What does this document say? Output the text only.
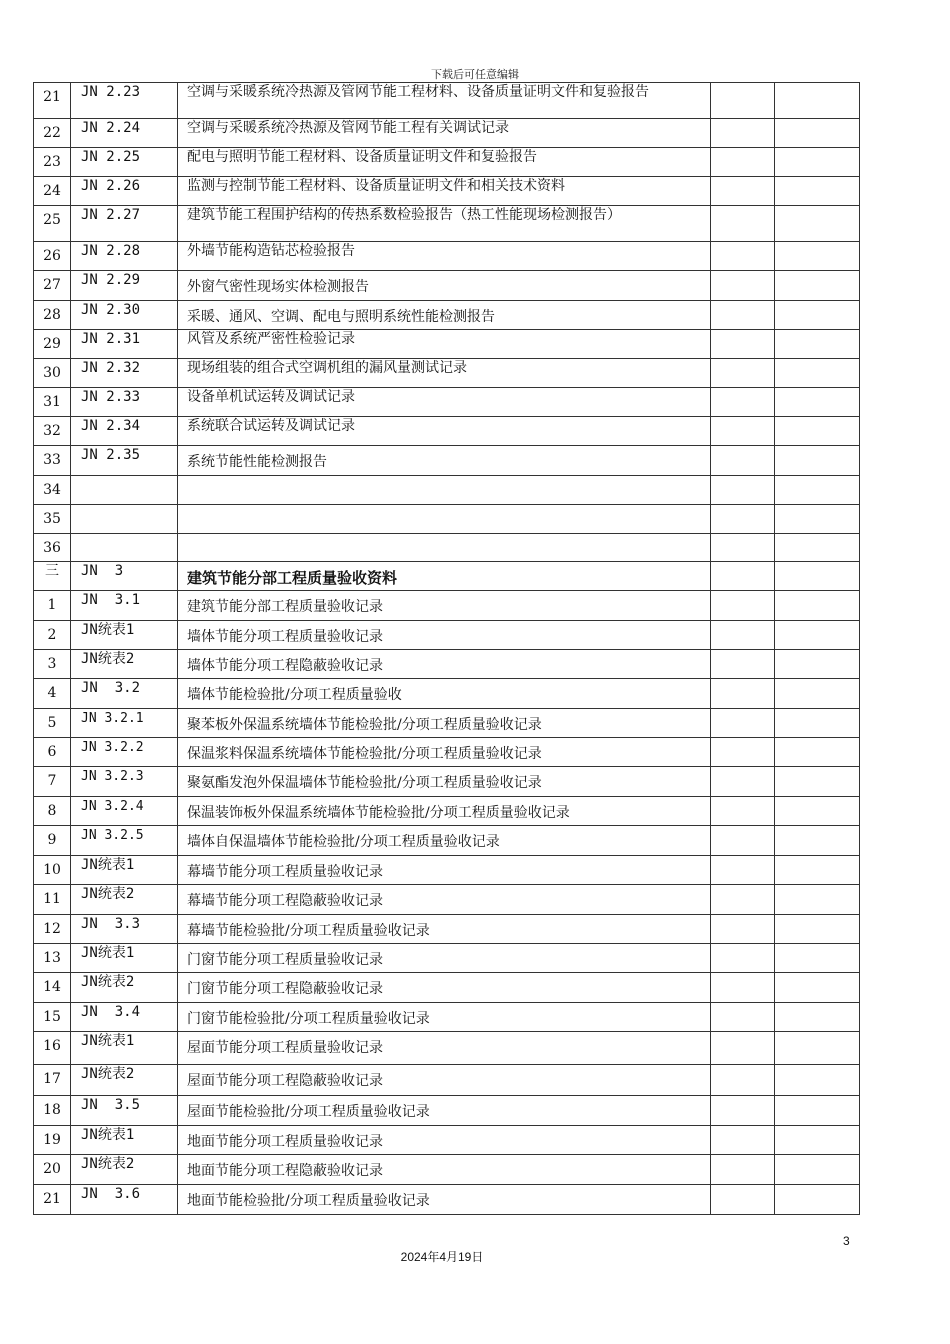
下载后可任意编辑
21	JN 2.23	空调与采暖系统冷热源及管网节能工程材料、设备质量证明文件和复验报告		
22	JN 2.24	空调与采暖系统冷热源及管网节能工程有关调试记录		
23	JN 2.25	配电与照明节能工程材料、设备质量证明文件和复验报告		
24	JN 2.26	监测与控制节能工程材料、设备质量证明文件和相关技术资料		
25	JN 2.27	建筑节能工程围护结构的传热系数检验报告（热工性能现场检测报告）		
26	JN 2.28	外墙节能构造钻芯检验报告		
27	JN 2.29	外窗气密性现场实体检测报告		
28	JN 2.30	采暖、通风、空调、配电与照明系统性能检测报告		
29	JN 2.31	风管及系统严密性检验记录		
30	JN 2.32	现场组装的组合式空调机组的漏风量测试记录		
31	JN 2.33	设备单机试运转及调试记录		
32	JN 2.34	系统联合试运转及调试记录		
33	JN 2.35	系统节能性能检测报告		
34				
35				
36				
三	JN  3	建筑节能分部工程质量验收资料		
1	JN  3.1	建筑节能分部工程质量验收记录		
2	JN统表1	墙体节能分项工程质量验收记录		
3	JN统表2	墙体节能分项工程隐蔽验收记录		
4	JN  3.2	墙体节能检验批/分项工程质量验收		
5	JN 3.2.1	聚苯板外保温系统墙体节能检验批/分项工程质量验收记录		
6	JN 3.2.2	保温浆料保温系统墙体节能检验批/分项工程质量验收记录		
7	JN 3.2.3	聚氨酯发泡外保温墙体节能检验批/分项工程质量验收记录		
8	JN 3.2.4	保温装饰板外保温系统墙体节能检验批/分项工程质量验收记录		
9	JN 3.2.5	墙体自保温墙体节能检验批/分项工程质量验收记录		
10	JN统表1	幕墙节能分项工程质量验收记录		
11	JN统表2	幕墙节能分项工程隐蔽验收记录		
12	JN  3.3	幕墙节能检验批/分项工程质量验收记录		
13	JN统表1	门窗节能分项工程质量验收记录		
14	JN统表2	门窗节能分项工程隐蔽验收记录		
15	JN  3.4	门窗节能检验批/分项工程质量验收记录		
16	JN统表1	屋面节能分项工程质量验收记录		
17	JN统表2	屋面节能分项工程隐蔽验收记录		
18	JN  3.5	屋面节能检验批/分项工程质量验收记录		
19	JN统表1	地面节能分项工程质量验收记录		
20	JN统表2	地面节能分项工程隐蔽验收记录		
21	JN  3.6	地面节能检验批/分项工程质量验收记录		
3
2024年4月19日
